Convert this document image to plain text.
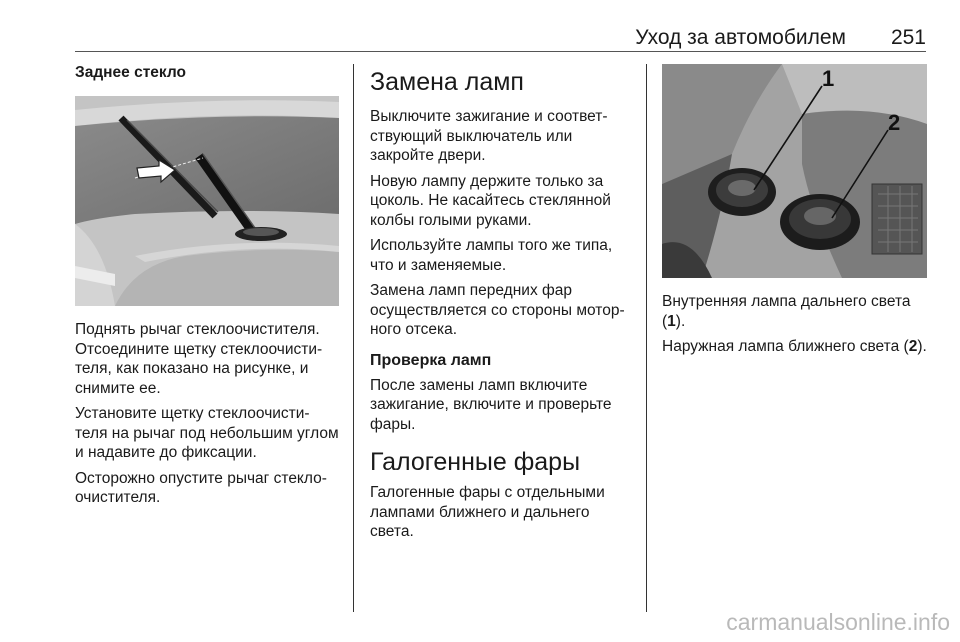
Уход за автомобилем 251

Заднее стекло

Поднять рычаг стеклоочистителя. Отсоедините щетку стеклоочисти- теля, как показано на рисунке, и снимите ее.

Установите щетку стеклоочисти- теля на рычаг под небольшим углом и надавите до фиксации.

Осторожно опустите рычаг стекло- очистителя.

Замена ламп

Выключите зажигание и соответ- ствующий выключатель или закройте двери.

Новую лампу держите только за цоколь. Не касайтесь стеклянной колбы голыми руками.

Используйте лампы того же типа, что и заменяемые.

Замена ламп передних фар осуществляется со стороны мотор- ного отсека.

Проверка ламп

После замены ламп включите зажигание, включите и проверьте фары.

Галогенные фары

Галогенные фары с отдельными лампами ближнего и дальнего света.

1
2

Внутренняя лампа дальнего света (1).

Наружная лампа ближнего света (2).

carmanualsonline.info
